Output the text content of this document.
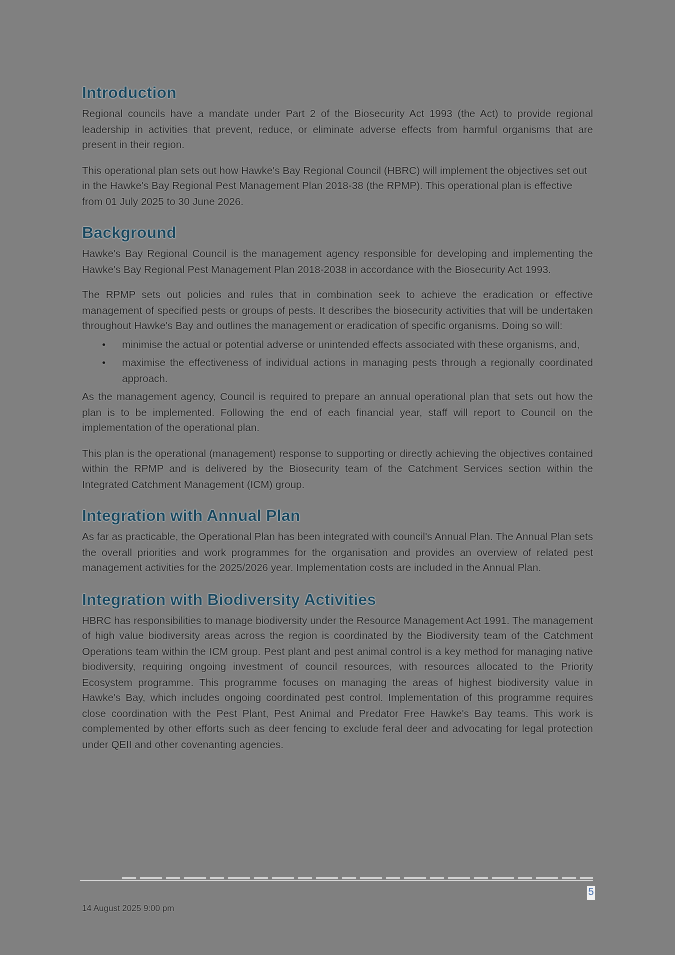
Introduction

Regional councils have a mandate under Part 2 of the Biosecurity Act 1993 (the Act) to provide regional leadership in activities that prevent, reduce, or eliminate adverse effects from harmful organisms that are present in their region.

This operational plan sets out how Hawke's Bay Regional Council (HBRC) will implement the objectives set out in the Hawke's Bay Regional Pest Management Plan 2018-38 (the RPMP). This operational plan is effective from 01 July 2025 to 30 June 2026.

Background

Hawke's Bay Regional Council is the management agency responsible for developing and implementing the Hawke's Bay Regional Pest Management Plan 2018-2038 in accordance with the Biosecurity Act 1993.

The RPMP sets out policies and rules that in combination seek to achieve the eradication or effective management of specified pests or groups of pests. It describes the biosecurity activities that will be undertaken throughout Hawke's Bay and outlines the management or eradication of specific organisms. Doing so will:

• minimise the actual or potential adverse or unintended effects associated with these organisms, and,
• maximise the effectiveness of individual actions in managing pests through a regionally coordinated approach.

As the management agency, Council is required to prepare an annual operational plan that sets out how the plan is to be implemented. Following the end of each financial year, staff will report to Council on the implementation of the operational plan.

This plan is the operational (management) response to supporting or directly achieving the objectives contained within the RPMP and is delivered by the Biosecurity team of the Catchment Services section within the Integrated Catchment Management (ICM) group.

Integration with Annual Plan

As far as practicable, the Operational Plan has been integrated with council's Annual Plan. The Annual Plan sets the overall priorities and work programmes for the organisation and provides an overview of related pest management activities for the 2025/2026 year. Implementation costs are included in the Annual Plan.

Integration with Biodiversity Activities

HBRC has responsibilities to manage biodiversity under the Resource Management Act 1991. The management of high value biodiversity areas across the region is coordinated by the Biodiversity team of the Catchment Operations team within the ICM group. Pest plant and pest animal control is a key method for managing native biodiversity, requiring ongoing investment of council resources, with resources allocated to the Priority Ecosystem programme. This programme focuses on managing the areas of highest biodiversity value in Hawke's Bay, which includes ongoing coordinated pest control. Implementation of this programme requires close coordination with the Pest Plant, Pest Animal and Predator Free Hawke's Bay teams. This work is complemented by other efforts such as deer fencing to exclude feral deer and advocating for legal protection under QEII and other covenanting agencies.

5
14 August 2025 9:00 pm
